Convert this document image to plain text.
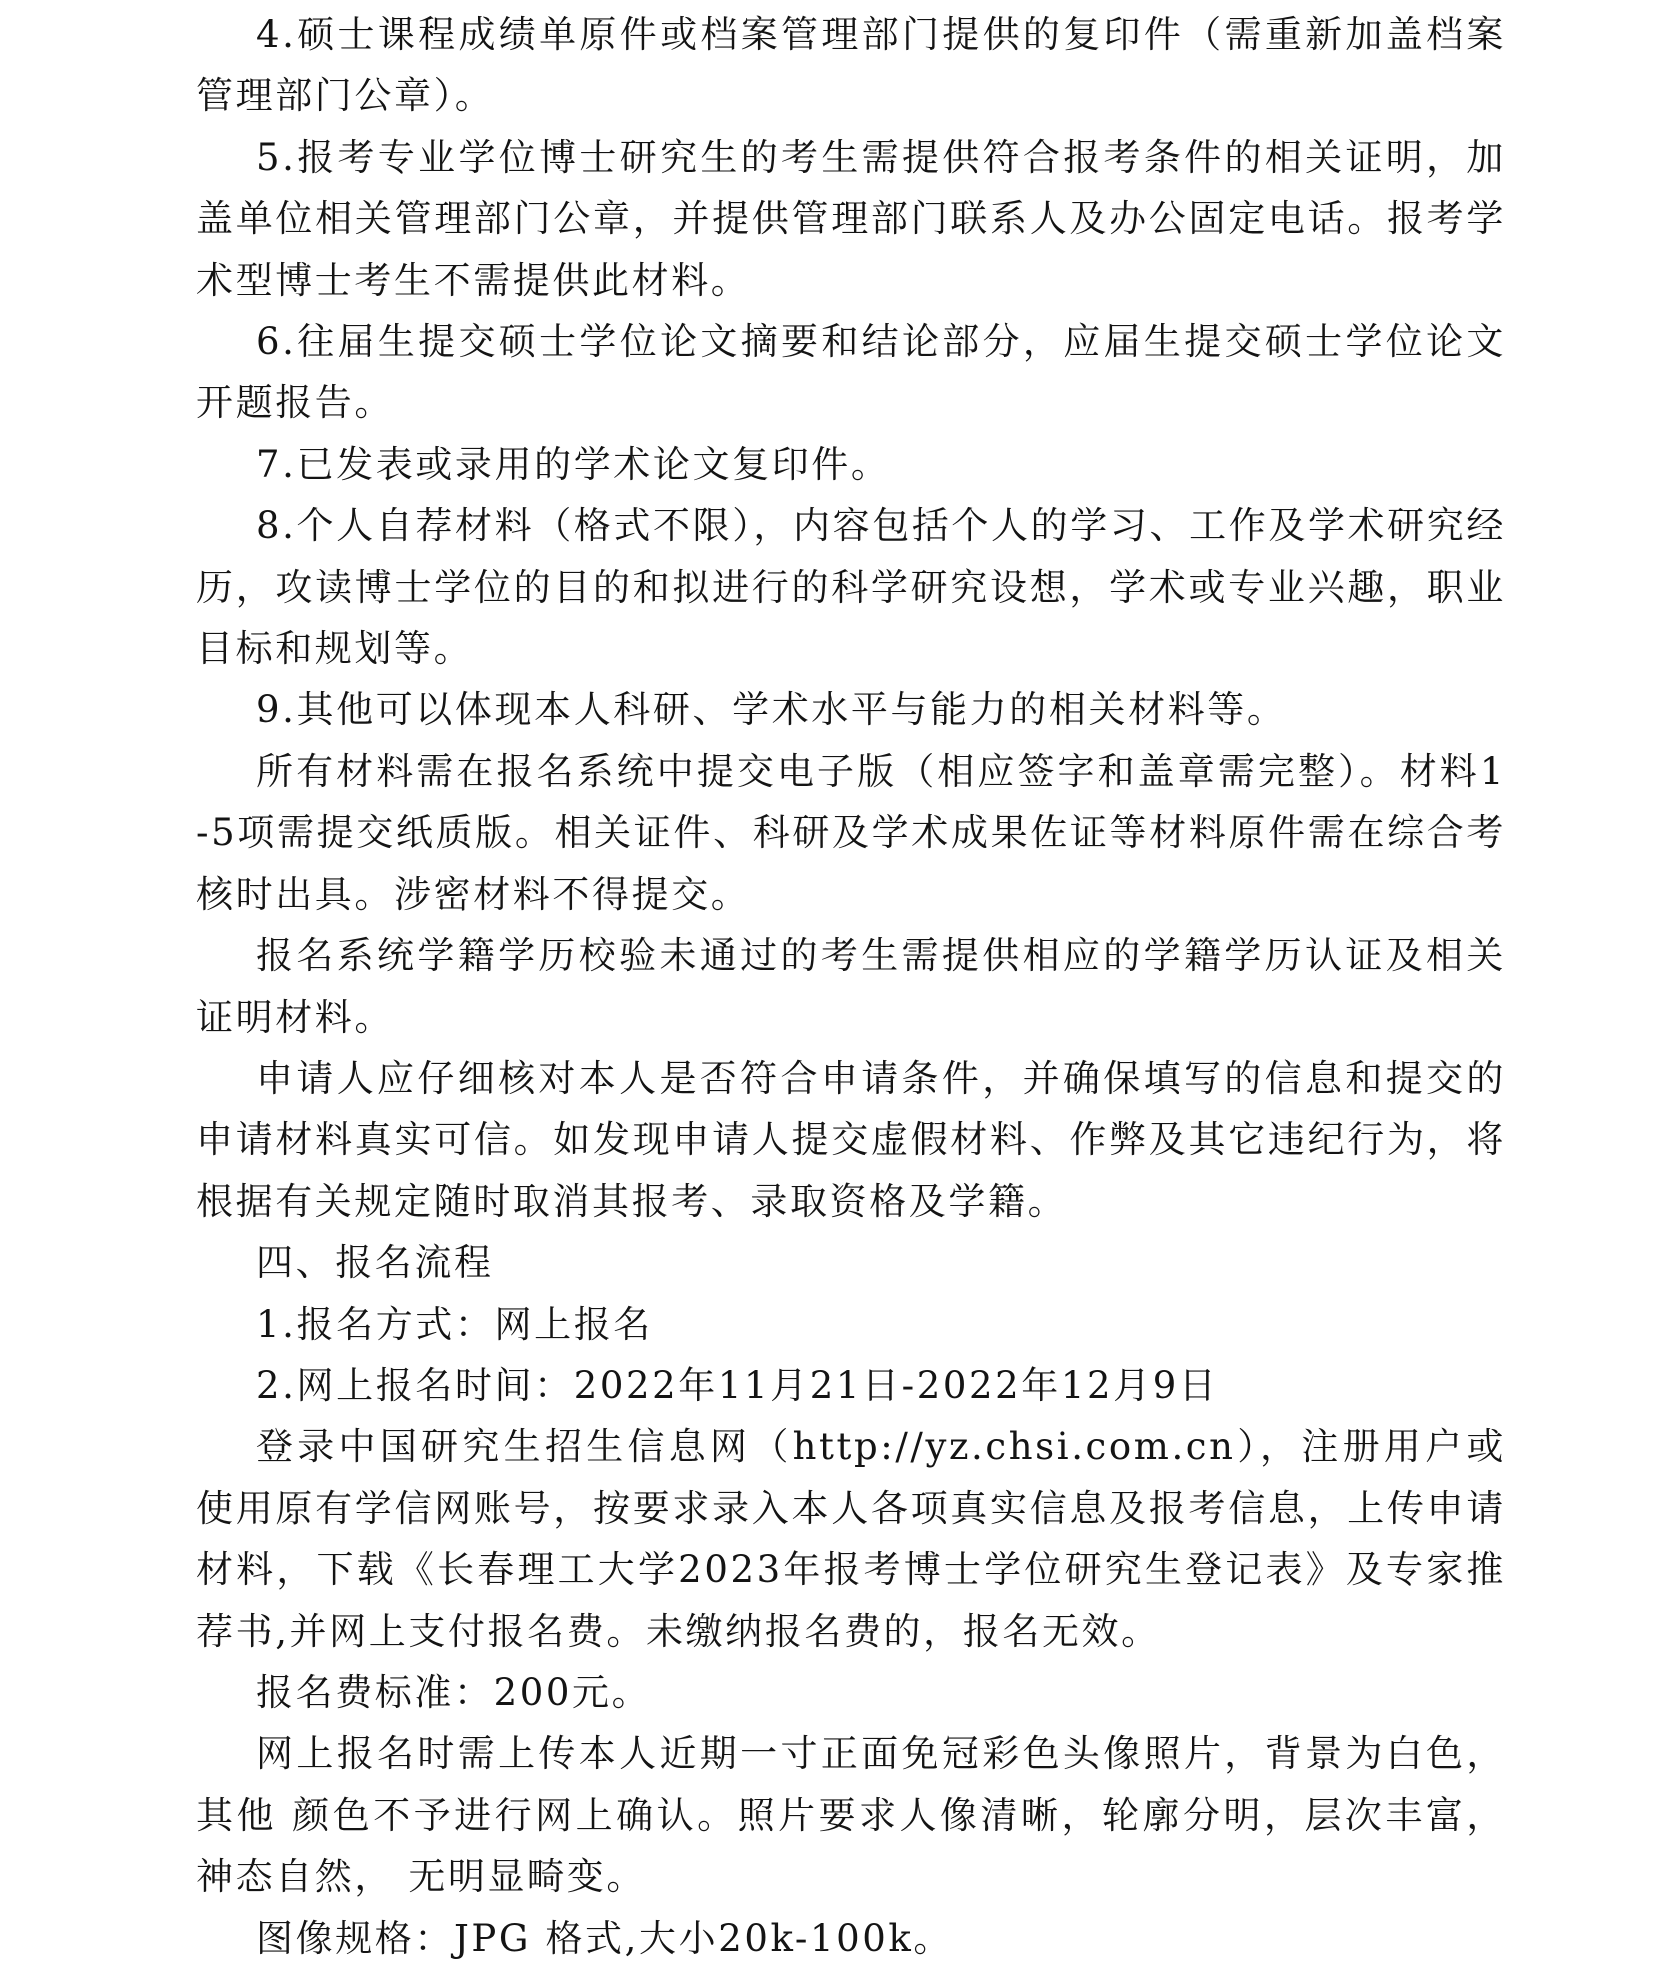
4.硕士课程成绩单原件或档案管理部门提供的复印件（需重新加盖档案管理部门公章）。

5.报考专业学位博士研究生的考生需提供符合报考条件的相关证明，加盖单位相关管理部门公章，并提供管理部门联系人及办公固定电话。报考学术型博士考生不需提供此材料。

6.往届生提交硕士学位论文摘要和结论部分，应届生提交硕士学位论文开题报告。

7.已发表或录用的学术论文复印件。

8.个人自荐材料（格式不限），内容包括个人的学习、工作及学术研究经历，攻读博士学位的目的和拟进行的科学研究设想，学术或专业兴趣，职业目标和规划等。

9.其他可以体现本人科研、学术水平与能力的相关材料等。

所有材料需在报名系统中提交电子版（相应签字和盖章需完整）。材料1-5项需提交纸质版。相关证件、科研及学术成果佐证等材料原件需在综合考核时出具。涉密材料不得提交。

报名系统学籍学历校验未通过的考生需提供相应的学籍学历认证及相关证明材料。

申请人应仔细核对本人是否符合申请条件，并确保填写的信息和提交的申请材料真实可信。如发现申请人提交虚假材料、作弊及其它违纪行为，将根据有关规定随时取消其报考、录取资格及学籍。

四、报名流程

1.报名方式：网上报名

2.网上报名时间：2022年11月21日-2022年12月9日

登录中国研究生招生信息网（http://yz.chsi.com.cn），注册用户或使用原有学信网账号，按要求录入本人各项真实信息及报考信息，上传申请材料，下载《长春理工大学2023年报考博士学位研究生登记表》及专家推荐书,并网上支付报名费。未缴纳报名费的，报名无效。

报名费标准：200元。

网上报名时需上传本人近期一寸正面免冠彩色头像照片，背景为白色，其他 颜色不予进行网上确认。照片要求人像清晰，轮廓分明，层次丰富，神态自然， 无明显畸变。

图像规格：JPG 格式,大小20k-100k。
